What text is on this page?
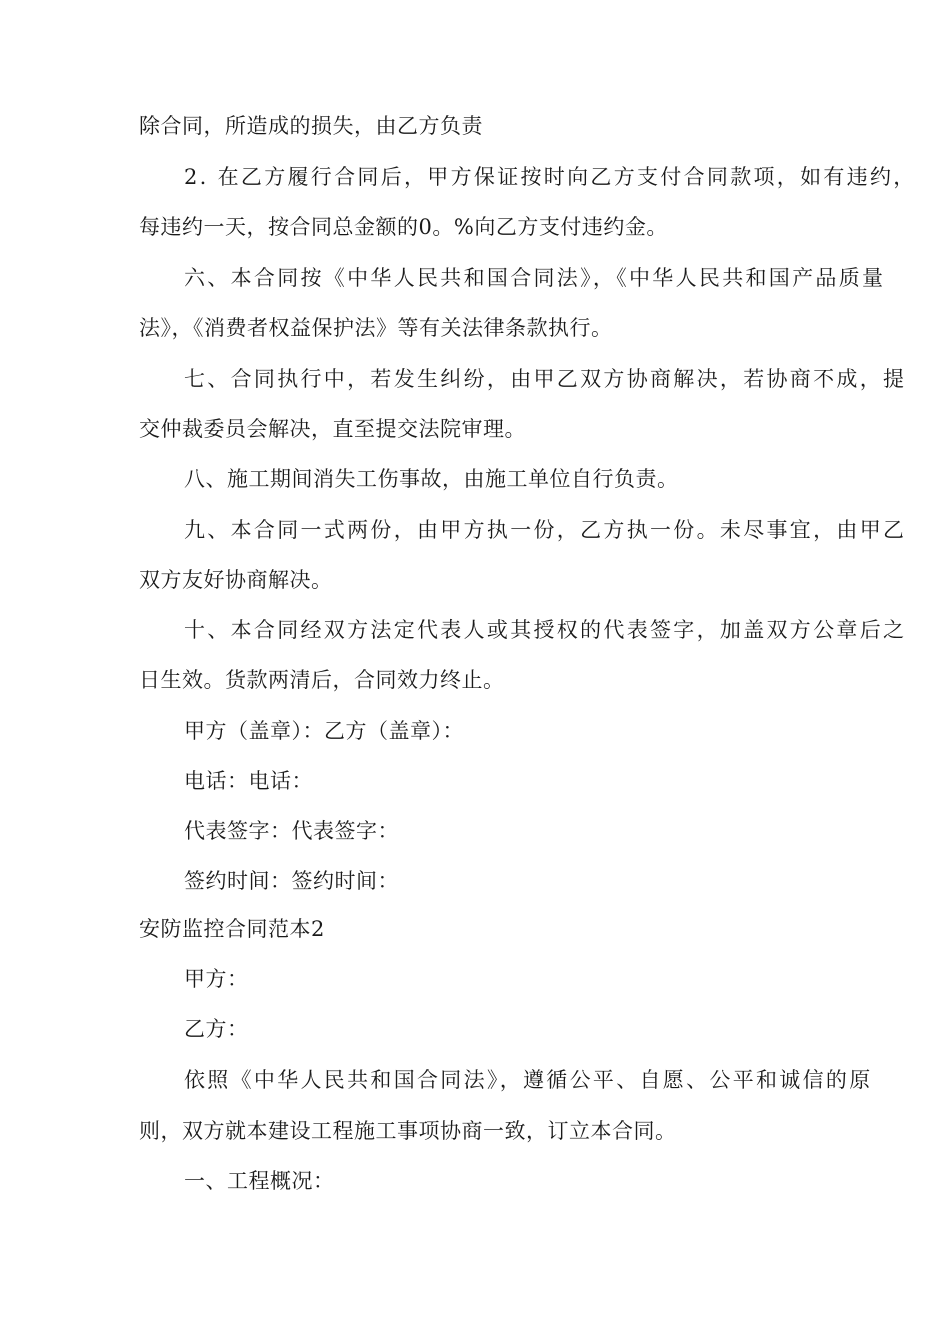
除合同，所造成的损失，由乙方负责
2. 在乙方履行合同后，甲方保证按时向乙方支付合同款项，如有违约，
每违约一天，按合同总金额的0。%向乙方支付违约金。
六、本合同按《中华人民共和国合同法》，《中华人民共和国产品质量
法》，《消费者权益保护法》等有关法律条款执行。
七、合同执行中，若发生纠纷，由甲乙双方协商解决，若协商不成，提
交仲裁委员会解决，直至提交法院审理。
八、施工期间消失工伤事故，由施工单位自行负责。
九、本合同一式两份，由甲方执一份，乙方执一份。未尽事宜，由甲乙
双方友好协商解决。
十、本合同经双方法定代表人或其授权的代表签字，加盖双方公章后之
日生效。货款两清后，合同效力终止。
甲方（盖章）：乙方（盖章）：
电话：电话：
代表签字：代表签字：
签约时间：签约时间：
安防监控合同范本2
甲方：
乙方：
依照《中华人民共和国合同法》，遵循公平、自愿、公平和诚信的原
则，双方就本建设工程施工事项协商一致，订立本合同。
一、工程概况：
